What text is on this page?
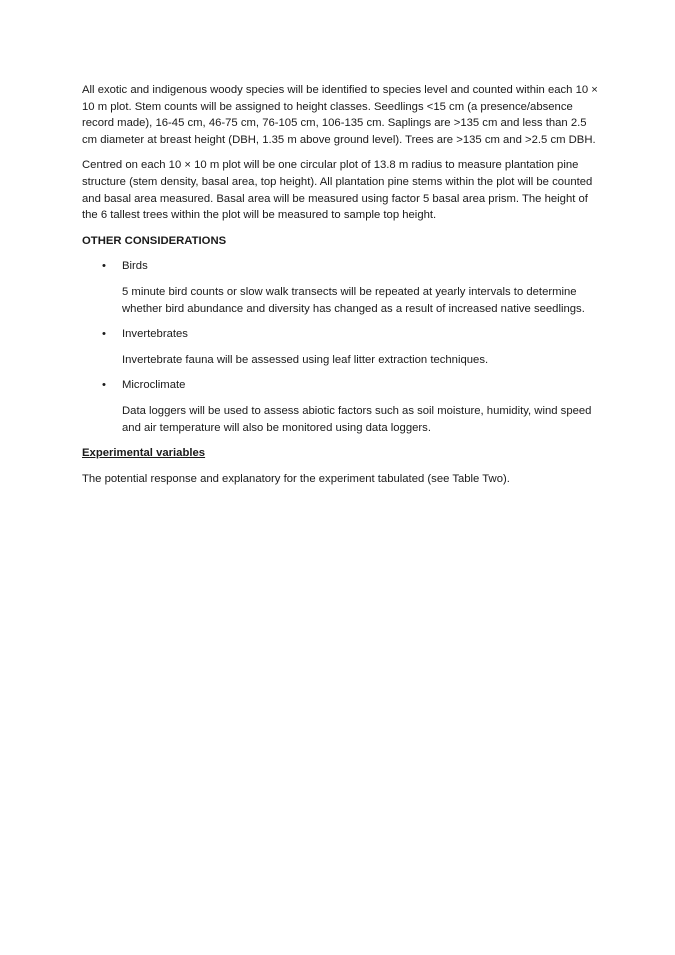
All exotic and indigenous woody species will be identified to species level and counted within each 10 × 10 m plot. Stem counts will be assigned to height classes. Seedlings <15 cm (a presence/absence record made), 16-45 cm, 46-75 cm, 76-105 cm, 106-135 cm. Saplings are >135 cm and less than 2.5 cm diameter at breast height (DBH, 1.35 m above ground level). Trees are >135 cm and >2.5 cm DBH.

Centred on each 10 × 10 m plot will be one circular plot of 13.8 m radius to measure plantation pine structure (stem density, basal area, top height). All plantation pine stems within the plot will be counted and basal area measured. Basal area will be measured using factor 5 basal area prism. The height of the 6 tallest trees within the plot will be measured to sample top height.

OTHER CONSIDERATIONS
• Birds
5 minute bird counts or slow walk transects will be repeated at yearly intervals to determine whether bird abundance and diversity has changed as a result of increased native seedlings.
• Invertebrates
Invertebrate fauna will be assessed using leaf litter extraction techniques.
• Microclimate
Data loggers will be used to assess abiotic factors such as soil moisture, humidity, wind speed and air temperature will also be monitored using data loggers.
Experimental variables

The potential response and explanatory for the experiment tabulated (see Table Two).
